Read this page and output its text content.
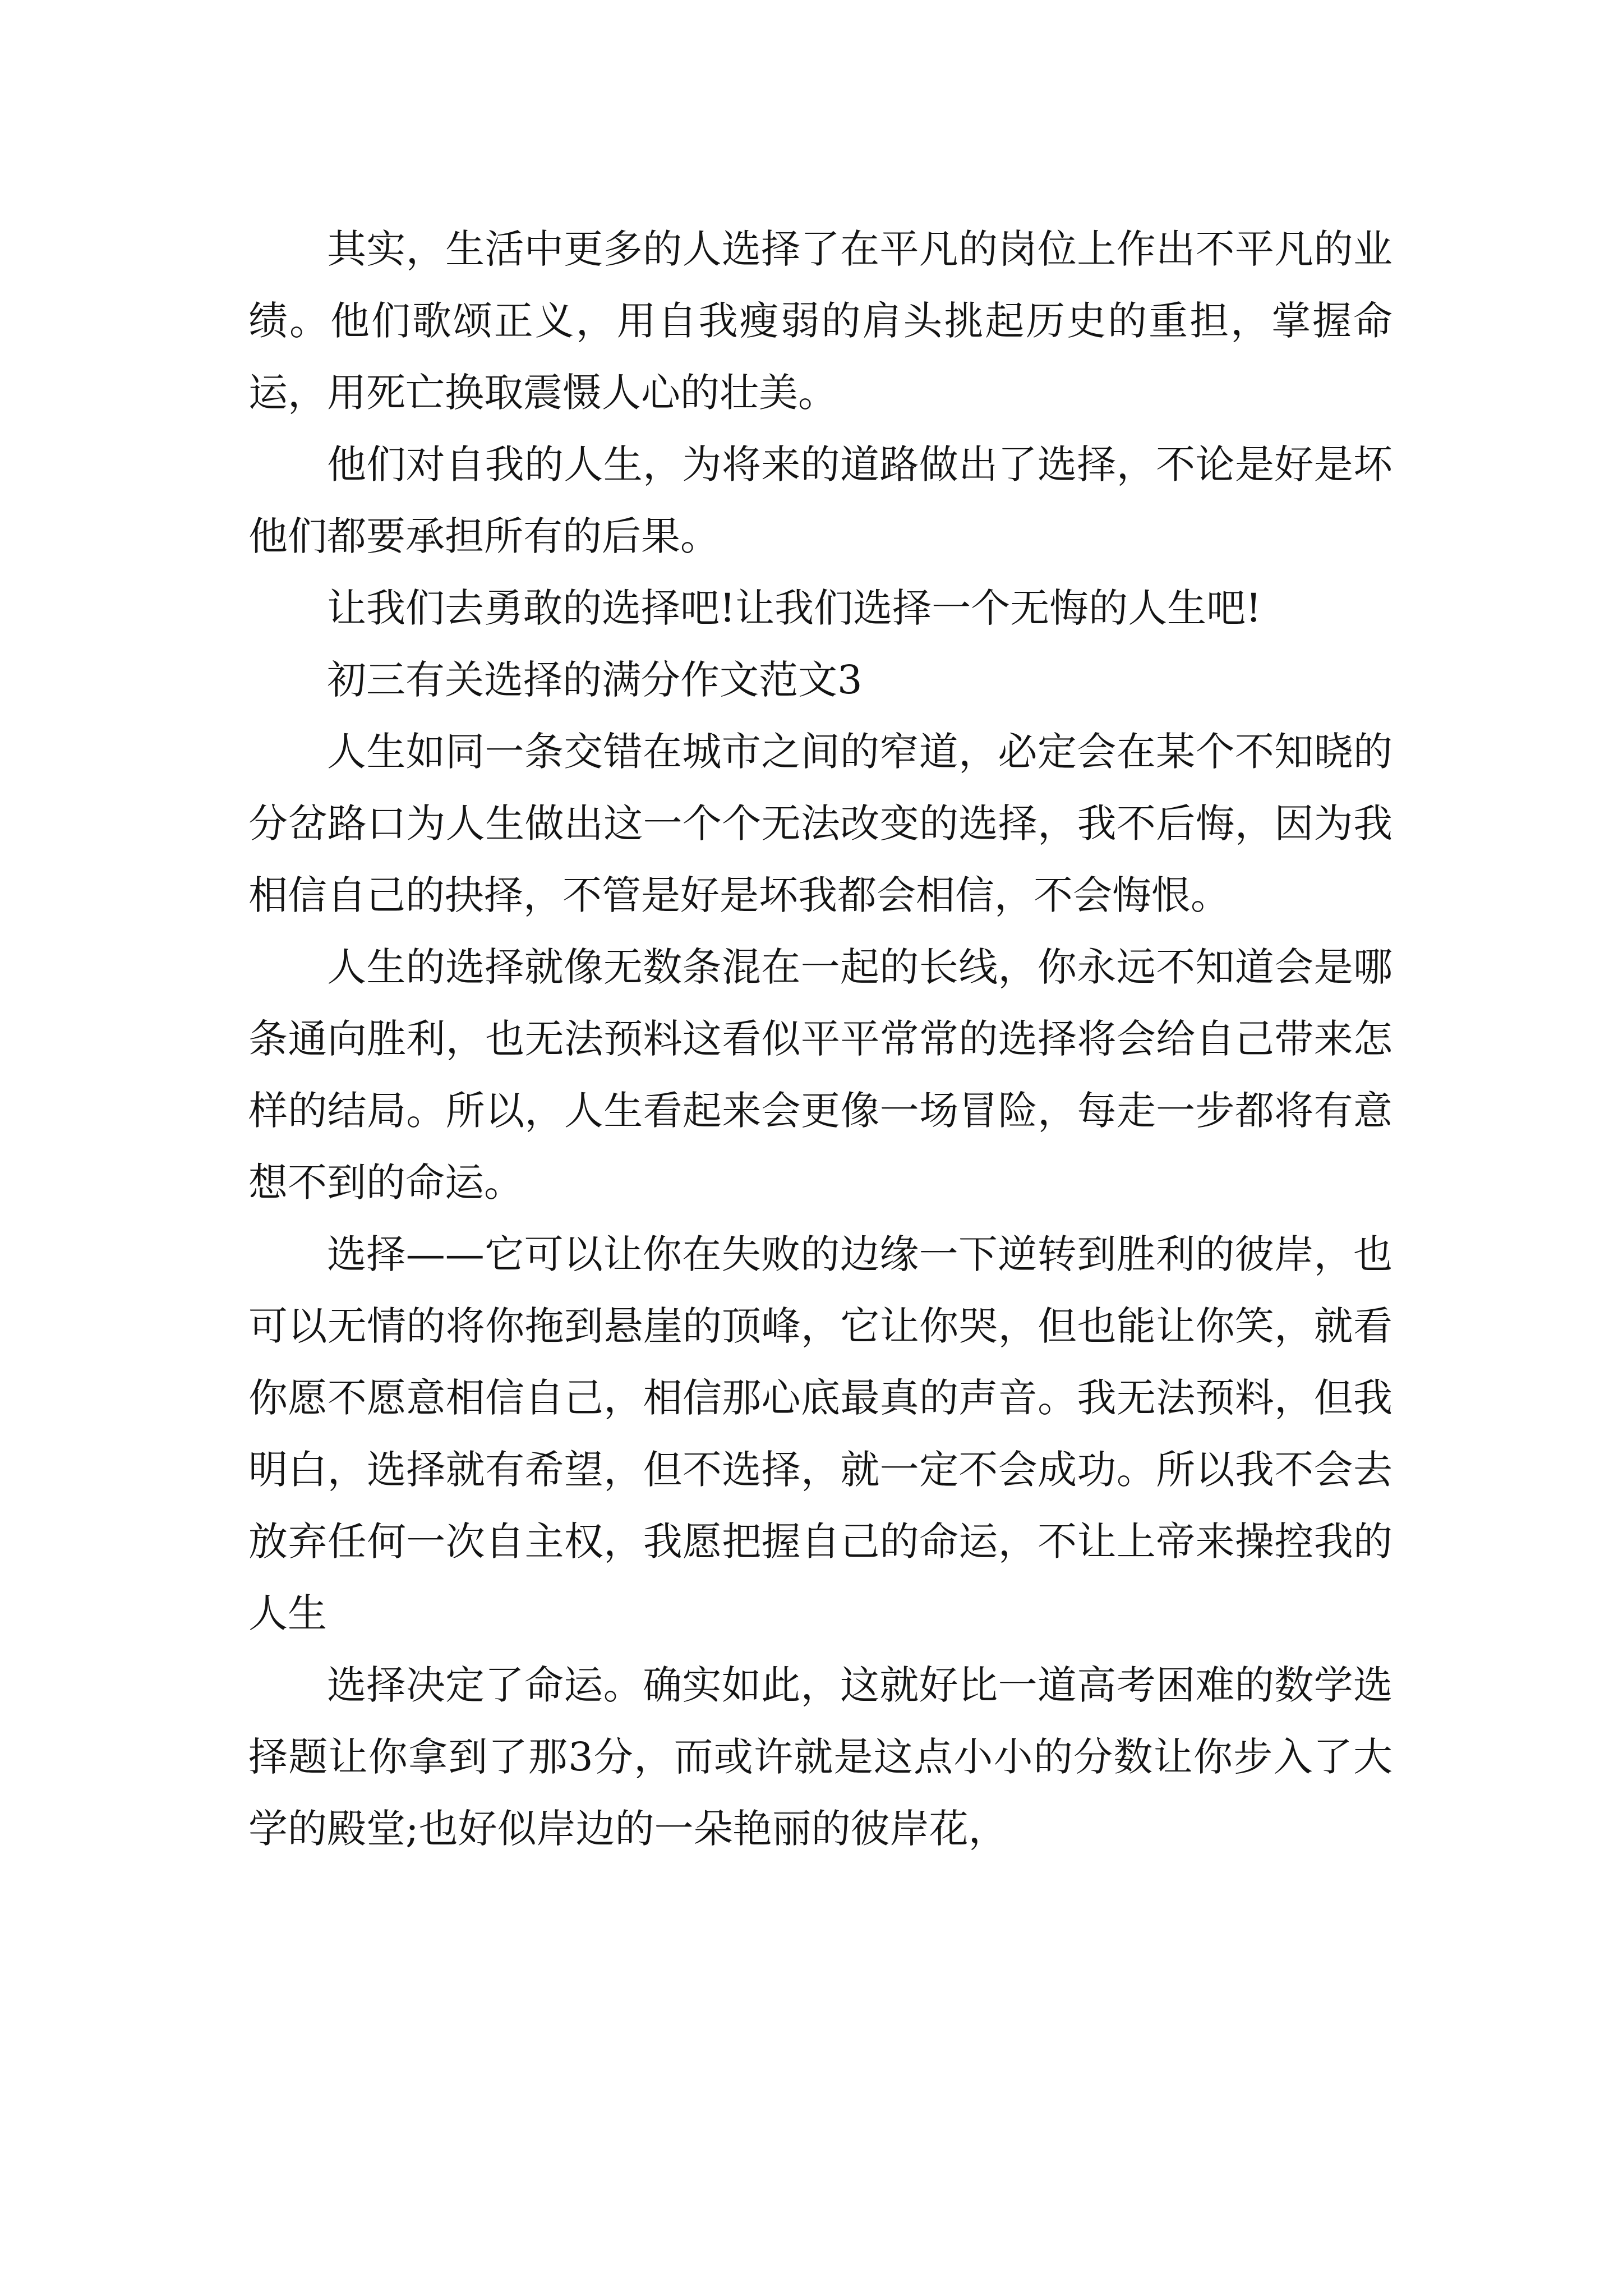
其实，生活中更多的人选择了在平凡的岗位上作出不平凡的业绩。他们歌颂正义，用自我瘦弱的肩头挑起历史的重担，掌握命运，用死亡换取震慑人心的壮美。

他们对自我的人生，为将来的道路做出了选择，不论是好是坏他们都要承担所有的后果。

让我们去勇敢的选择吧!让我们选择一个无悔的人生吧!

初三有关选择的满分作文范文3

人生如同一条交错在城市之间的窄道，必定会在某个不知晓的分岔路口为人生做出这一个个无法改变的选择，我不后悔，因为我相信自己的抉择，不管是好是坏我都会相信，不会悔恨。

人生的选择就像无数条混在一起的长线，你永远不知道会是哪条通向胜利，也无法预料这看似平平常常的选择将会给自己带来怎样的结局。所以，人生看起来会更像一场冒险，每走一步都将有意想不到的命运。

选择——它可以让你在失败的边缘一下逆转到胜利的彼岸，也可以无情的将你拖到悬崖的顶峰，它让你哭，但也能让你笑，就看你愿不愿意相信自己，相信那心底最真的声音。我无法预料，但我明白，选择就有希望，但不选择，就一定不会成功。所以我不会去放弃任何一次自主权，我愿把握自己的命运，不让上帝来操控我的人生

选择决定了命运。确实如此，这就好比一道高考困难的数学选择题让你拿到了那3分，而或许就是这点小小的分数让你步入了大学的殿堂;也好似岸边的一朵艳丽的彼岸花，
